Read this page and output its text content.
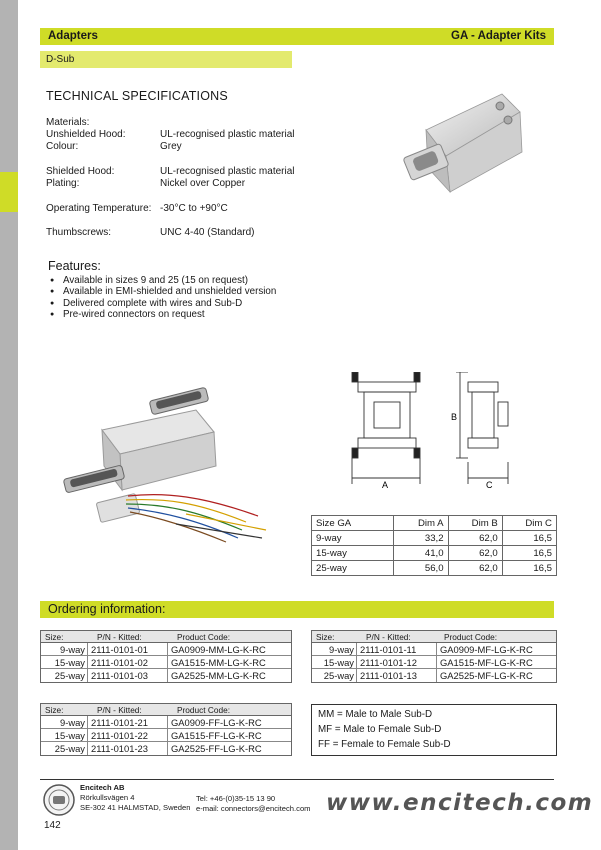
Adapters	GA - Adapter Kits
D-Sub
TECHNICAL SPECIFICATIONS
Materials:
Unshielded Hood:	UL-recognised plastic material
Colour:	Grey
Shielded Hood:	UL-recognised plastic material
Plating:	Nickel over Copper
Operating Temperature: -30°C to +90°C
Thumbscrews:	UNC 4-40 (Standard)
Features:
● Available in sizes 9 and 25 (15 on request)
● Available in EMI-shielded and unshielded version
● Delivered complete with wires and Sub-D
● Pre-wired connectors on request
A
B
C
Size GA	Dim A	Dim B	Dim C
9-way	33,2	62,0	16,5
15-way	41,0	62,0	16,5
25-way	56,0	62,0	16,5
Ordering information:
Size:	P/N - Kitted:	Product Code:
9-way 2111-0101-01	GA0909-MM-LG-K-RC
15-way 2111-0101-02	GA1515-MM-LG-K-RC
25-way 2111-0101-03	GA2525-MM-LG-K-RC
Size:	P/N - Kitted:	Product Code:
9-way 2111-0101-11	GA0909-MF-LG-K-RC
15-way 2111-0101-12	GA1515-MF-LG-K-RC
25-way 2111-0101-13	GA2525-MF-LG-K-RC
Size:	P/N - Kitted:	Product Code:
9-way 2111-0101-21	GA0909-FF-LG-K-RC
15-way 2111-0101-22	GA1515-FF-LG-K-RC
25-way 2111-0101-23	GA2525-FF-LG-K-RC
MM = Male to Male Sub-D
MF = Male to Female Sub-D
FF = Female to Female Sub-D
Encitech AB
Rörkullsvägen 4
SE-302 41 HALMSTAD, Sweden
Tel: +46-(0)35-15 13 90
e-mail: connectors@encitech.com www.encitech.com
142
